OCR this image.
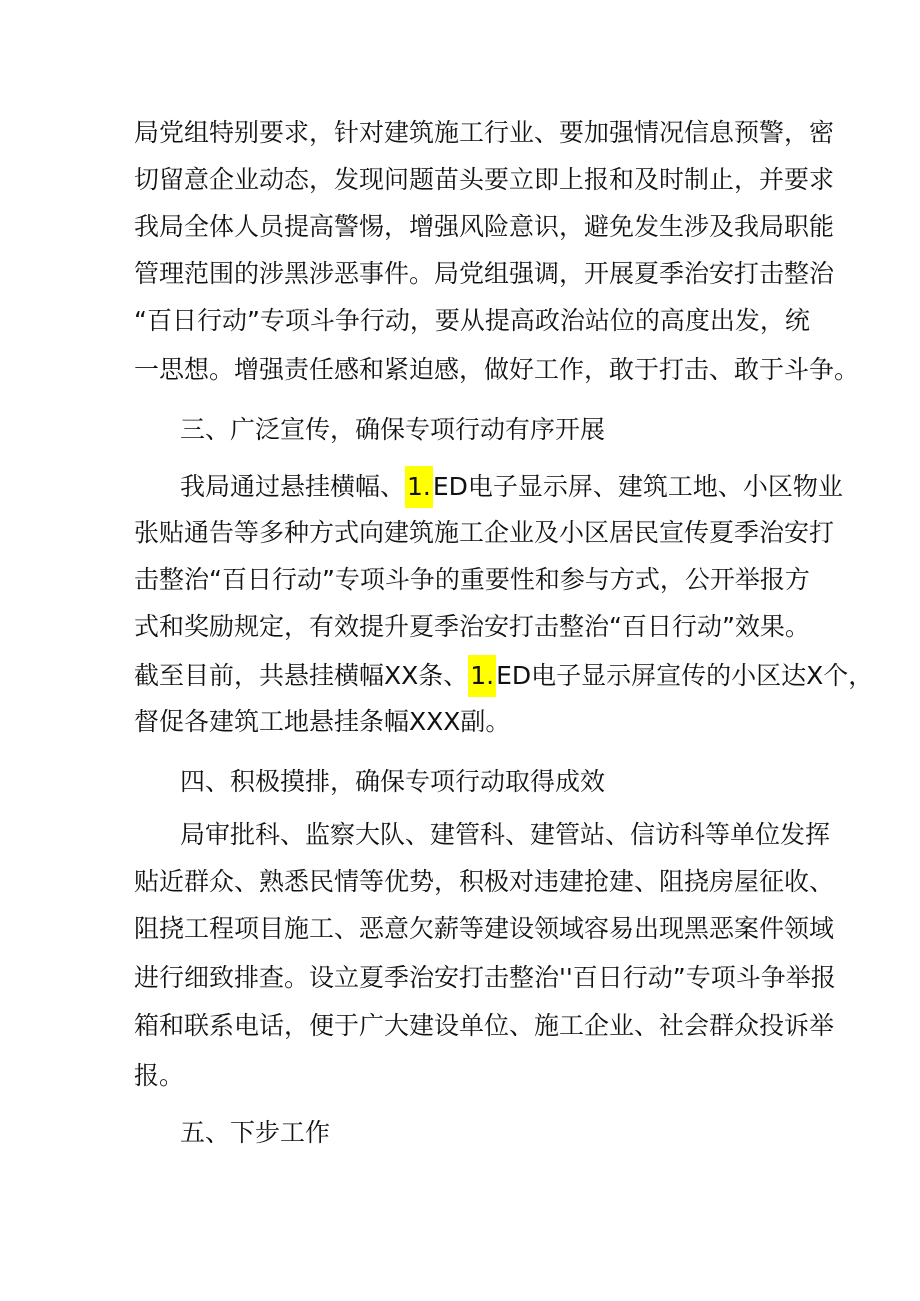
局党组特别要求，针对建筑施工行业、要加强情况信息预警，密
切留意企业动态，发现问题苗头要立即上报和及时制止，并要求
我局全体人员提高警惕，增强风险意识，避免发生涉及我局职能
管理范围的涉黑涉恶事件。局党组强调，开展夏季治安打击整治
“百日行动”专项斗争行动，要从提高政治站位的高度出发，统
一思想。增强责任感和紧迫感，做好工作，敢于打击、敢于斗争。
三、广泛宣传，确保专项行动有序开展
我局通过悬挂横幅、1.ED电子显示屏、建筑工地、小区物业
张贴通告等多种方式向建筑施工企业及小区居民宣传夏季治安打
击整治“百日行动”专项斗争的重要性和参与方式，公开举报方
式和奖励规定，有效提升夏季治安打击整治“百日行动”效果。
截至目前，共悬挂横幅XX条、1.ED电子显示屏宣传的小区达X个，
督促各建筑工地悬挂条幅XXX副。
四、积极摸排，确保专项行动取得成效
局审批科、监察大队、建管科、建管站、信访科等单位发挥
贴近群众、熟悉民情等优势，积极对违建抢建、阻挠房屋征收、
阻挠工程项目施工、恶意欠薪等建设领域容易出现黑恶案件领域
进行细致排查。设立夏季治安打击整治''百日行动”专项斗争举报
箱和联系电话，便于广大建设单位、施工企业、社会群众投诉举
报。
五、下步工作
